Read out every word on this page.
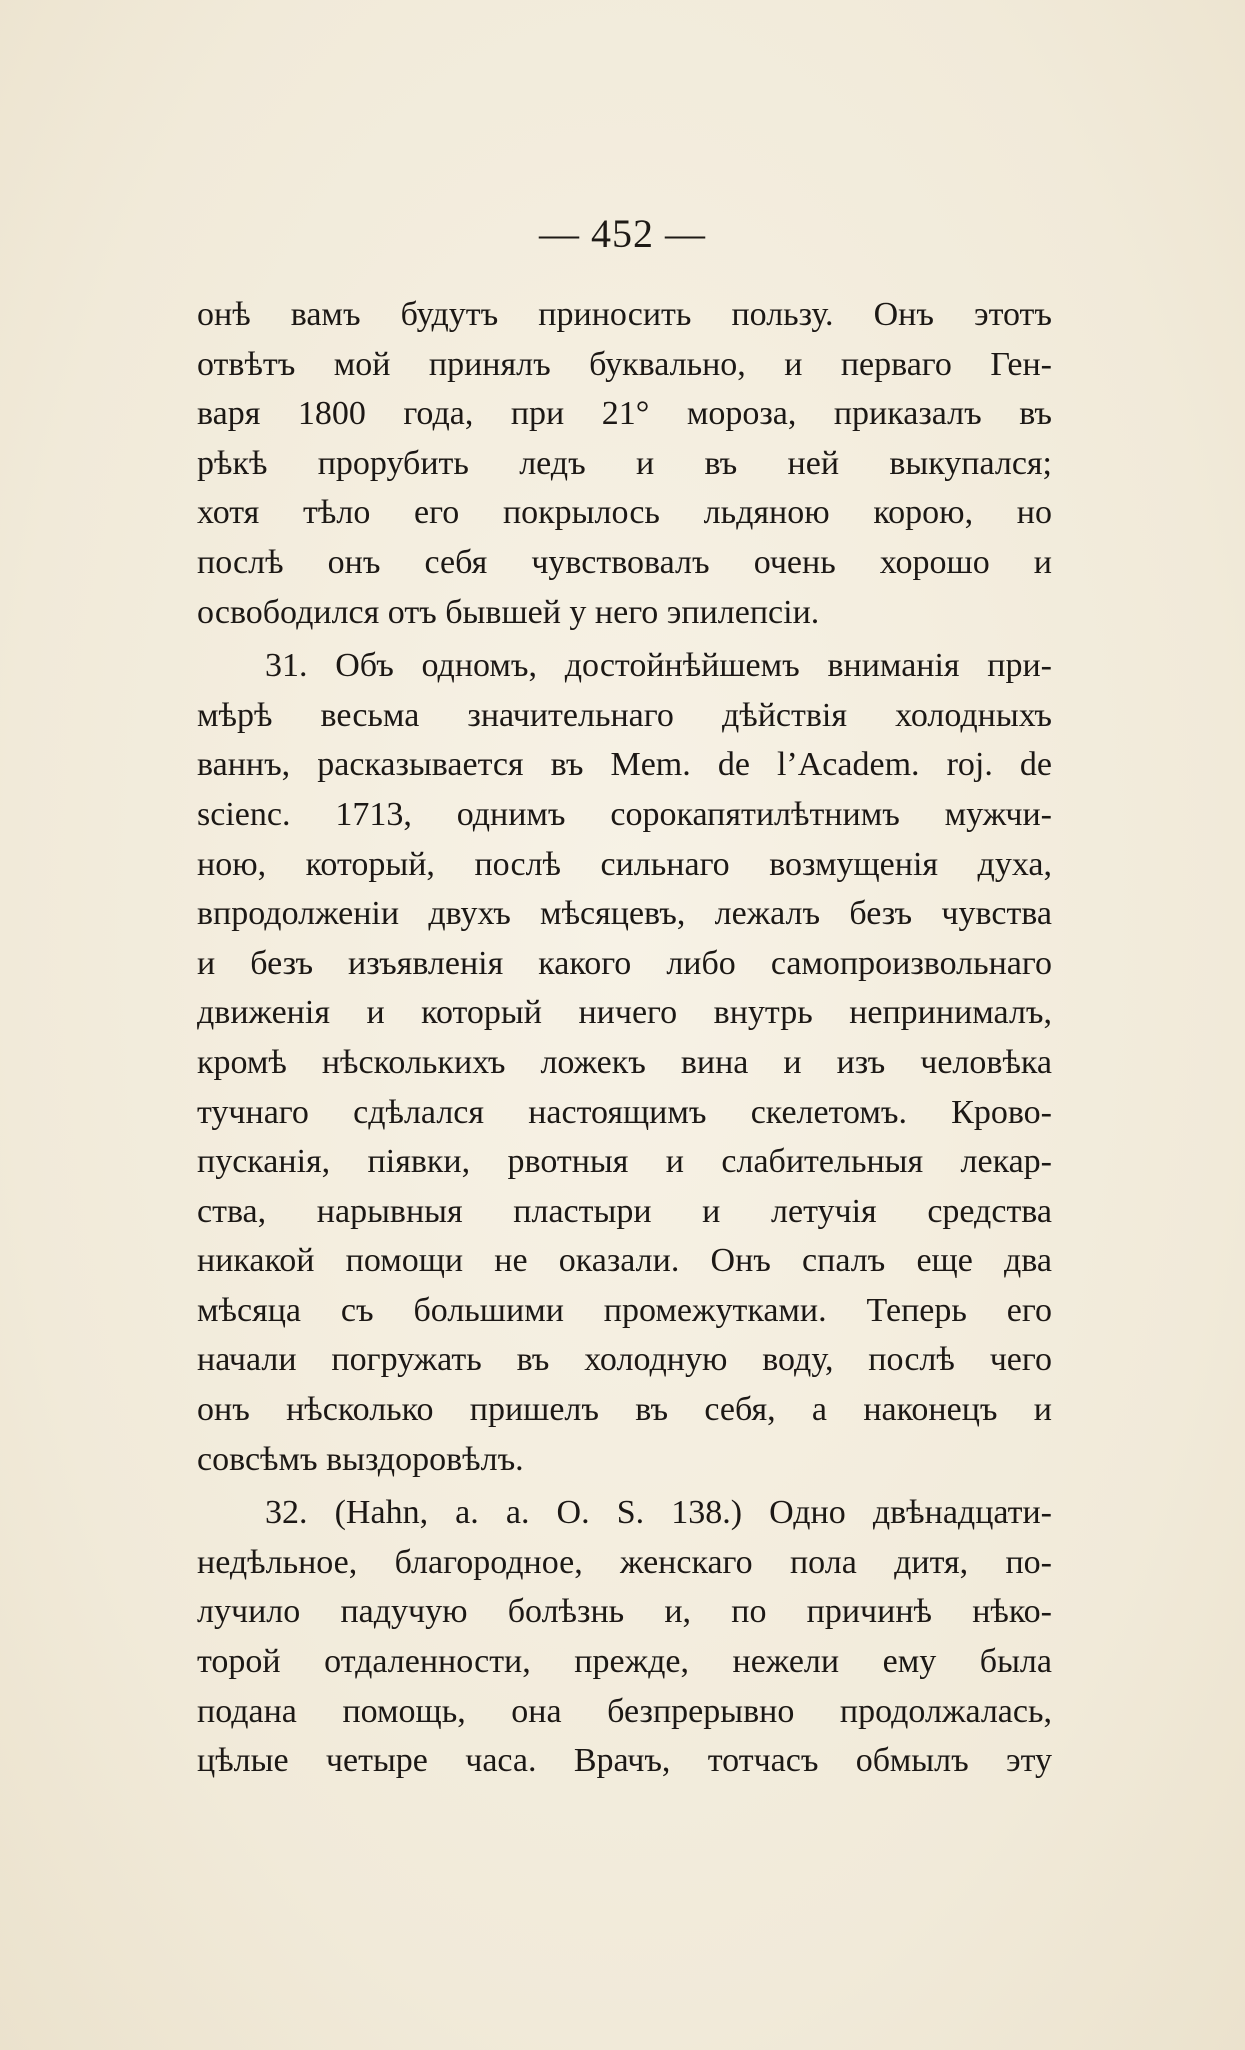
— 452 —
онѣ вамъ будутъ приносить пользу. Онъ этотъ
отвѣтъ мой принялъ буквально, и перваго Ген-
варя 1800 года, при 21° мороза, приказалъ въ
рѣкѣ прорубить ледъ и въ ней выкупался;
хотя тѣло его покрылось льдяною корою, но
послѣ онъ себя чувствовалъ очень хорошо и
освободился отъ бывшей у него эпилепсіи.
31. Объ одномъ, достойнѣйшемъ вниманія при-
мѣрѣ весьма значительнаго дѣйствія холодныхъ
ваннъ, расказывается въ Mem. de l’Academ. roj. de
scienc. 1713, однимъ сорокапятилѣтнимъ мужчи-
ною, который, послѣ сильнаго возмущенія духа,
впродолженіи двухъ мѣсяцевъ, лежалъ безъ чувства
и безъ изъявленія какого либо самопроизвольнаго
движенія и который ничего внутрь непринималъ,
кромѣ нѣсколькихъ ложекъ вина и изъ человѣка
тучнаго сдѣлался настоящимъ скелетомъ. Крово-
пусканія, піявки, рвотныя и слабительныя лекар-
ства, нарывныя пластыри и летучія средства
никакой помощи не оказали. Онъ спалъ еще два
мѣсяца съ большими промежутками. Теперь его
начали погружать въ холодную воду, послѣ чего
онъ нѣсколько пришелъ въ себя, а наконецъ и
совсѣмъ выздоровѣлъ.
32. (Hahn, a. a. O. S. 138.) Одно двѣнадцати-
недѣльное, благородное, женскаго пола дитя, по-
лучило падучую болѣзнь и, по причинѣ нѣко-
торой отдаленности, прежде, нежели ему была
подана помощь, она безпрерывно продолжалась,
цѣлые четыре часа. Врачъ, тотчасъ обмылъ эту
